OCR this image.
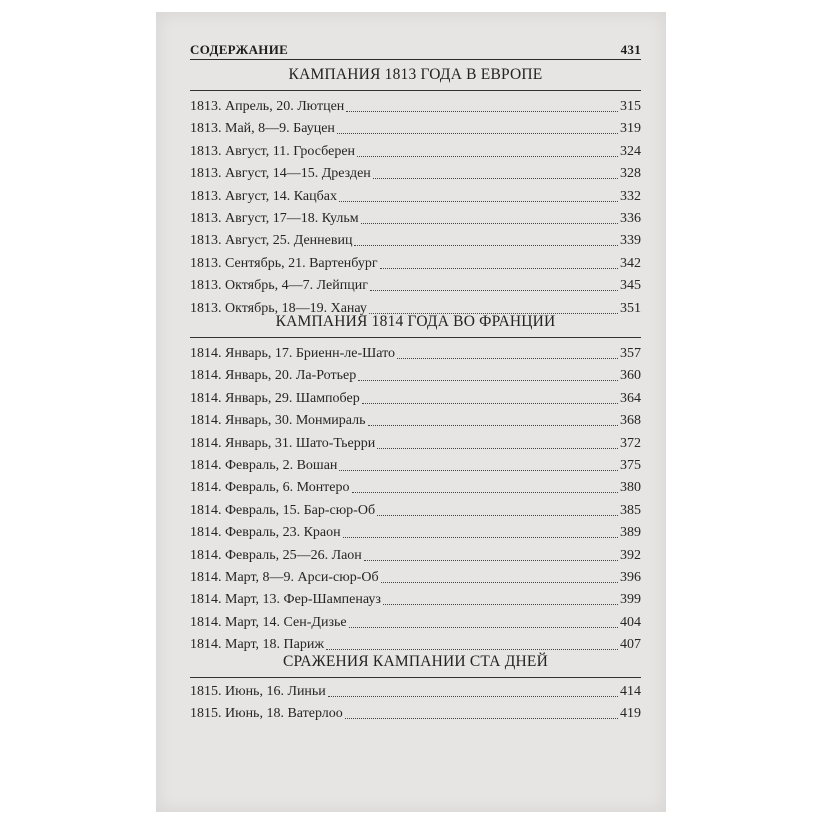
СОДЕРЖАНИЕ	431
КАМПАНИЯ 1813 ГОДА В ЕВРОПЕ
1813. Апрель, 20. Лютцен	315
1813. Май, 8—9. Бауцен	319
1813. Август, 11. Гросберен	324
1813. Август, 14—15. Дрезден	328
1813. Август, 14. Кацбах	332
1813. Август, 17—18. Кульм	336
1813. Август, 25. Денневиц	339
1813. Сентябрь, 21. Вартенбург	342
1813. Октябрь, 4—7. Лейпциг	345
1813. Октябрь, 18—19. Ханау	351
КАМПАНИЯ 1814 ГОДА ВО ФРАНЦИИ
1814. Январь, 17. Бриенн-ле-Шато	357
1814. Январь, 20. Ла-Ротьер	360
1814. Январь, 29. Шампобер	364
1814. Январь, 30. Монмираль	368
1814. Январь, 31. Шато-Тьерри	372
1814. Февраль, 2. Вошан	375
1814. Февраль, 6. Монтеро	380
1814. Февраль, 15. Бар-сюр-Об	385
1814. Февраль, 23. Краон	389
1814. Февраль, 25—26. Лаон	392
1814. Март, 8—9. Арси-сюр-Об	396
1814. Март, 13. Фер-Шампенауз	399
1814. Март, 14. Сен-Дизье	404
1814. Март, 18. Париж	407
СРАЖЕНИЯ КАМПАНИИ СТА ДНЕЙ
1815. Июнь, 16. Линьи	414
1815. Июнь, 18. Ватерлоо	419
